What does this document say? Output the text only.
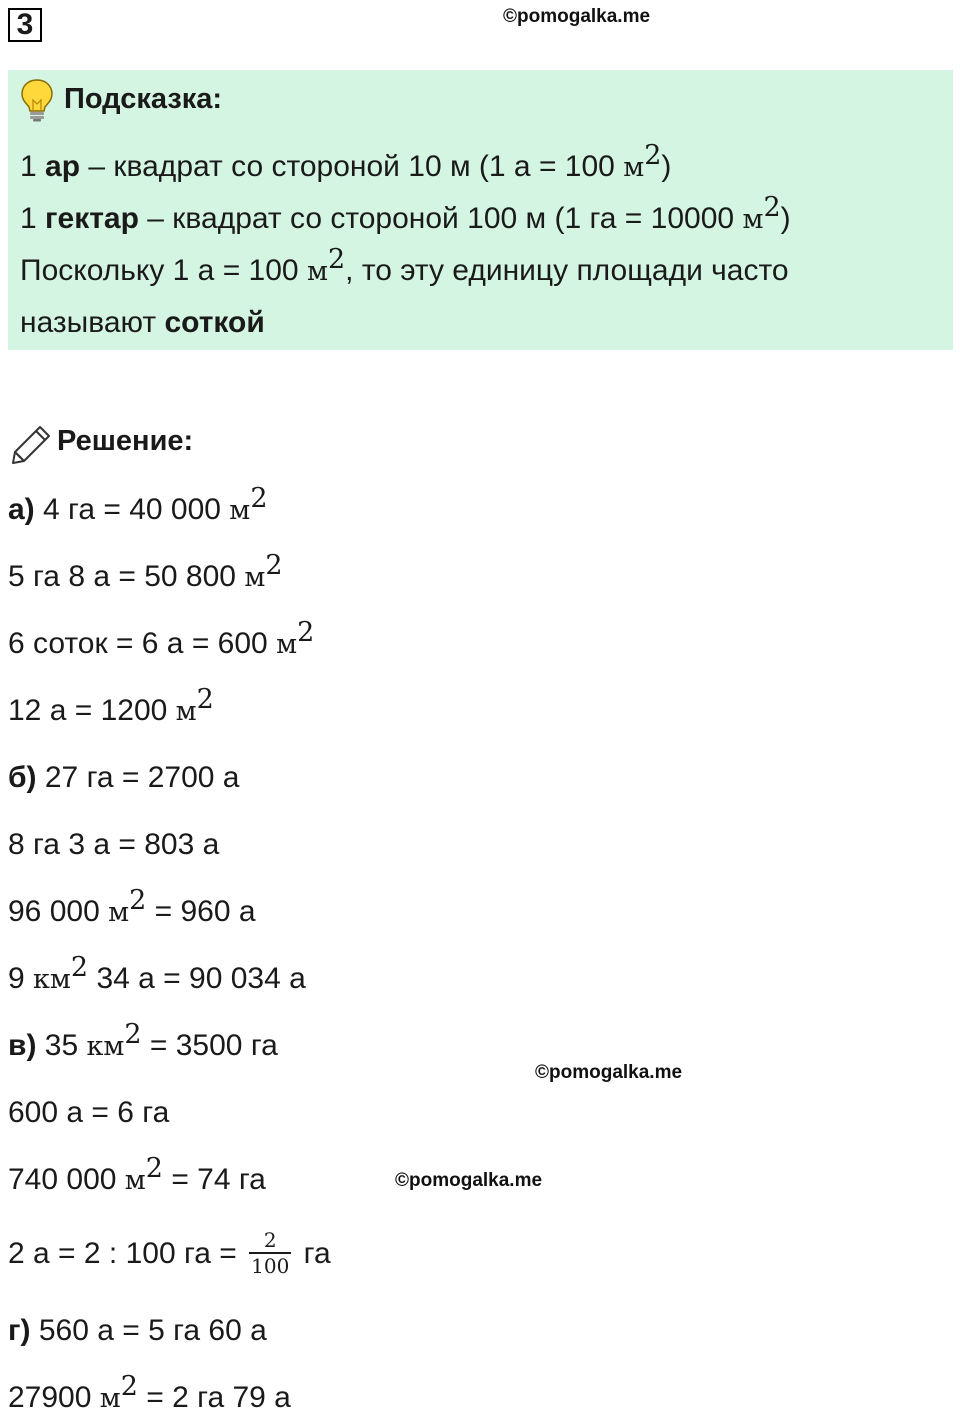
3	©pomogalka.me
©pomogalka.me
©pomogalka.me
Подсказка:
1 ар – квадрат со стороной 10 м (1 а = 100 $м^2$)
1 гектар – квадрат со стороной 100 м (1 га = 10000 $м^2$)
Поскольку 1 а = 100 $м^2$, то эту единицу площади часто
называют соткой
Решение:
а) 4 га = 40 000 $м^2$
5 га 8 а = 50 800 $м^2$
6 соток = 6 а = 600 $м^2$
12 а = 1200 $м^2$
б) 27 га = 2700 а
8 га 3 а = 803 а
96 000 $м^2 = 960$ а
9 $км^2$ 34 а = 90 034 а
в) 35 $км^2 = 3500$ га
600 а = 6 га
740 000 $м^2 = 74$ га
2 а = 2 : 100 га = $\frac{2}{100}$ га
г) 560 а = 5 га 60 а
27900 $м^2 = 2$ га 79 а
